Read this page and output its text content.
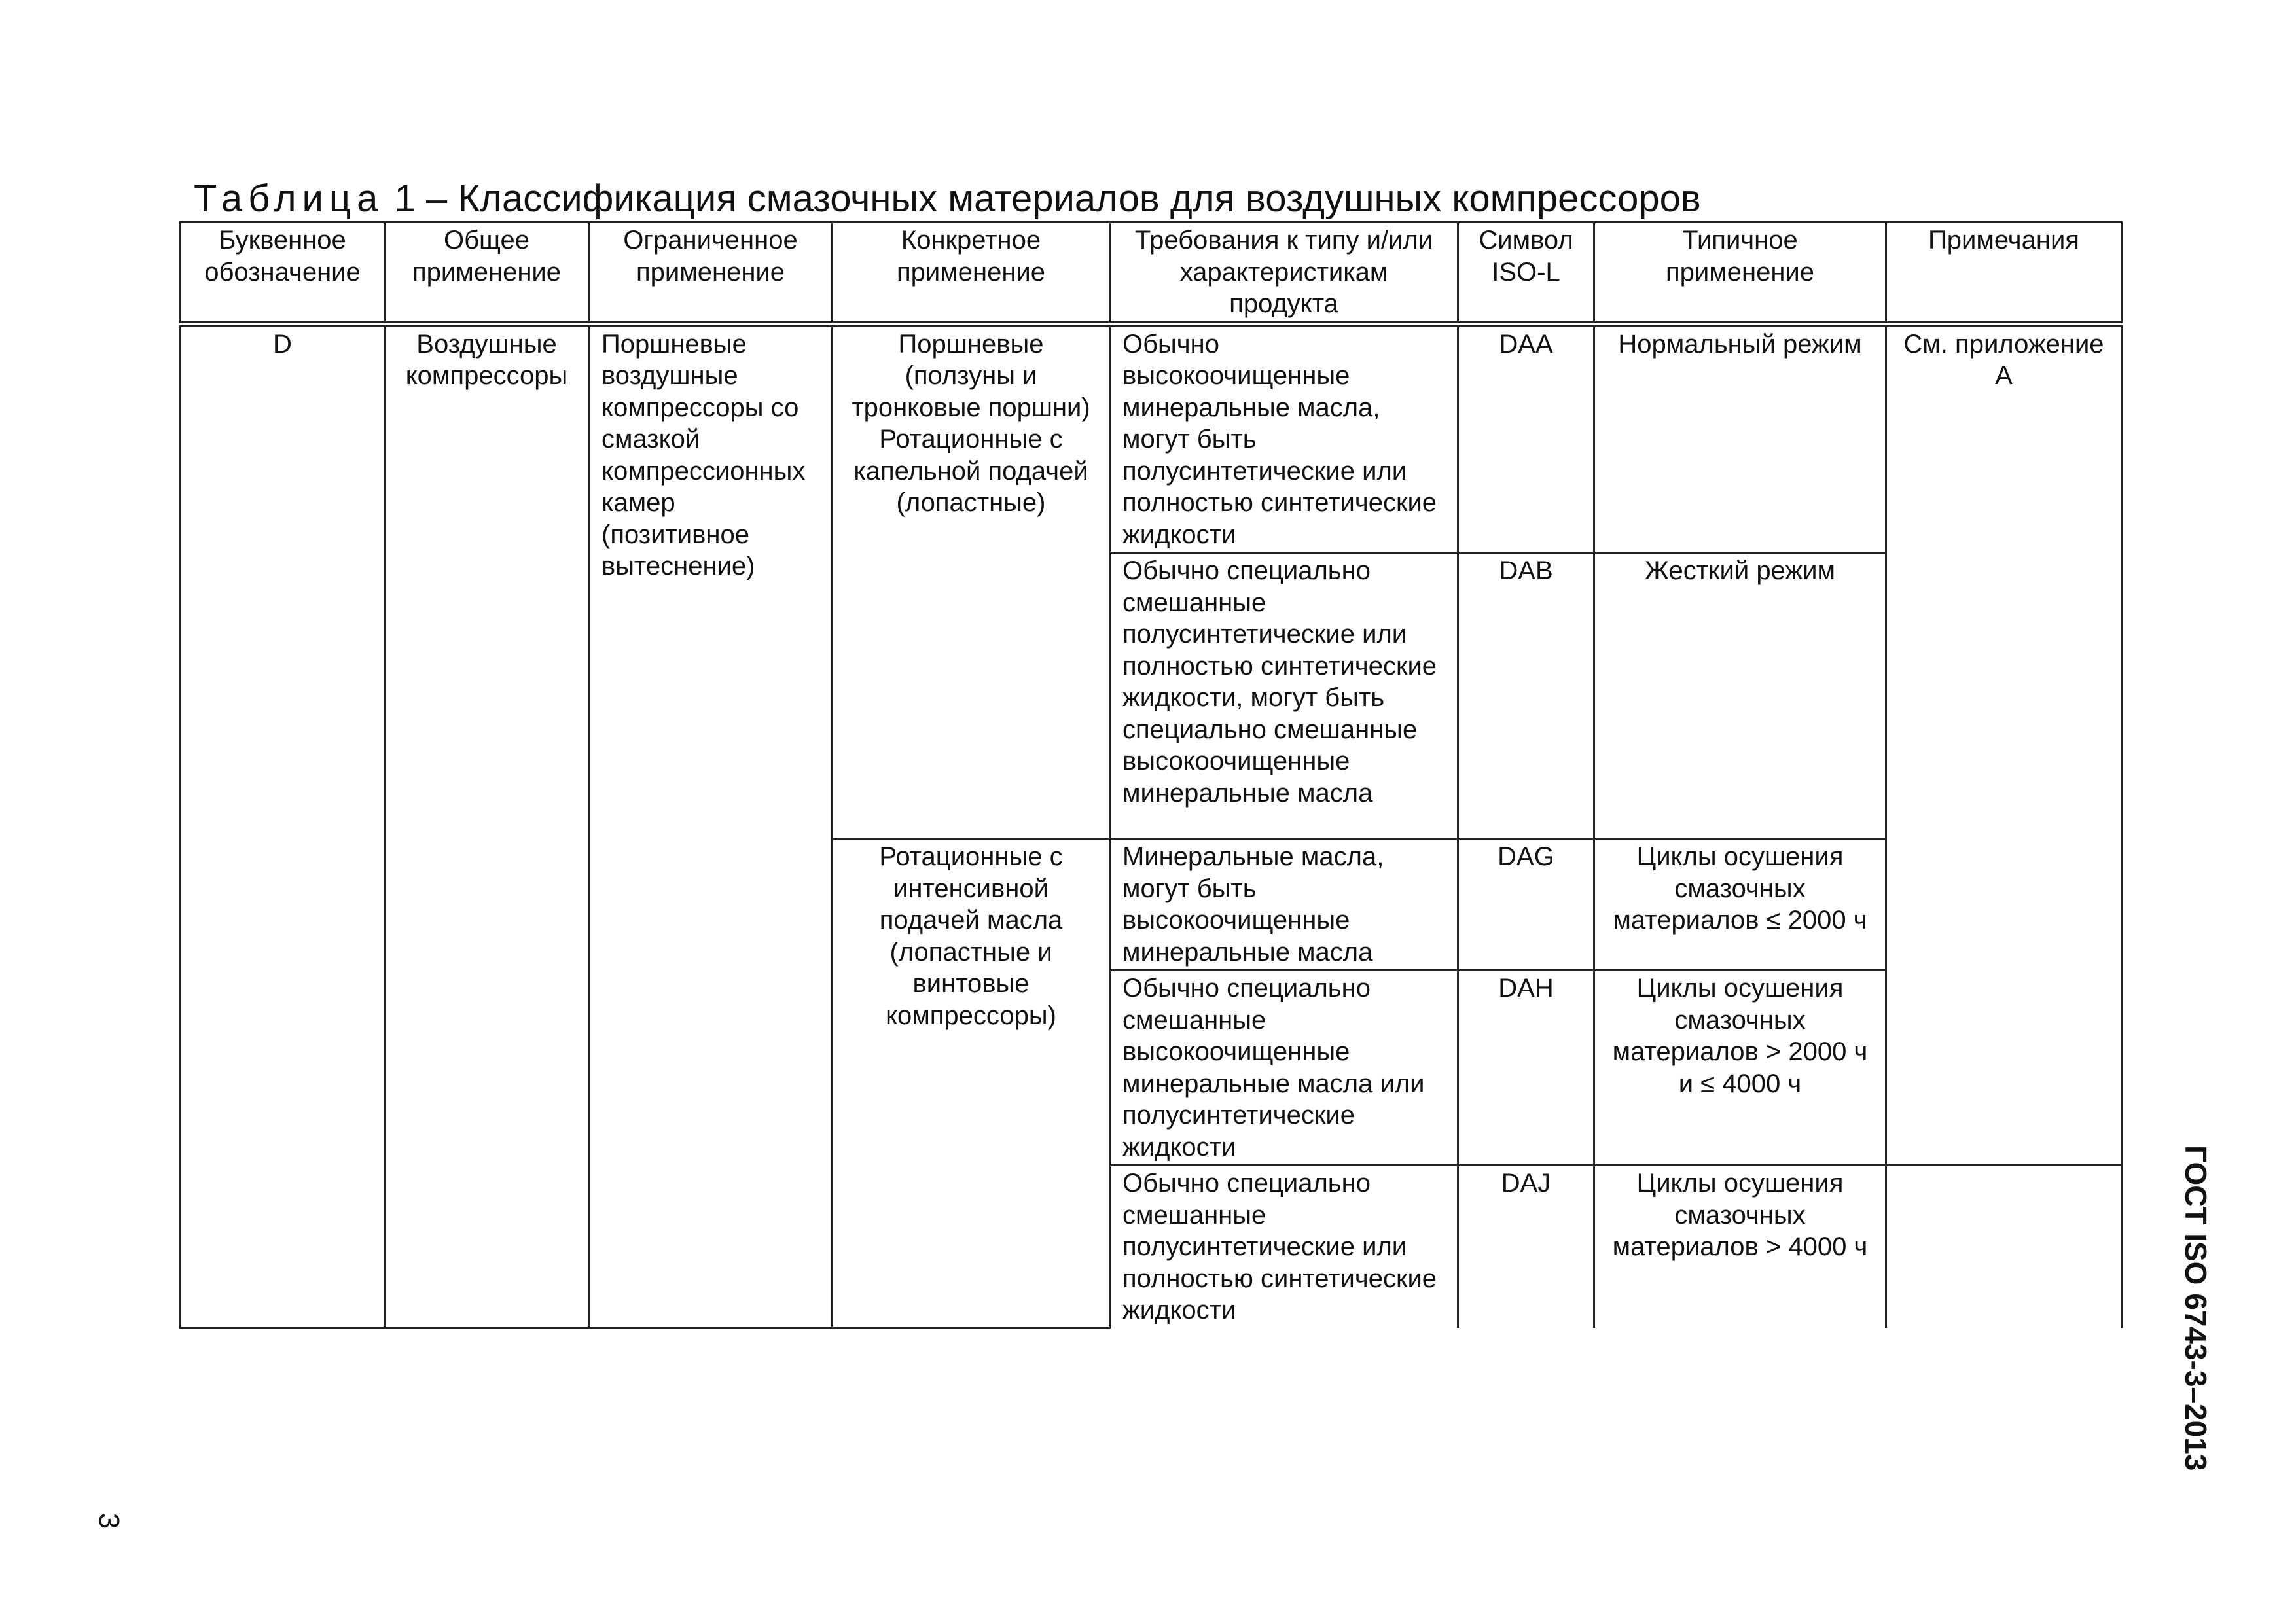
Таблица 1 – Классификация смазочных материалов для воздушных компрессоров
Буквенное обозначение	Общее применение	Ограниченное применение	Конкретное применение	Требования к типу и/или характеристикам продукта	Символ ISO-L	Типичное применение	Примечания
D	Воздушные компрессоры	Поршневые воздушные компрессоры со смазкой компрессионных камер (позитивное вытеснение)	Поршневые (ползуны и тронковые поршни) Ротационные с капельной подачей (лопастные)	Обычно высокоочищенные минеральные масла, могут быть полусинтетические или полностью синтетические жидкости	DAA	Нормальный режим	См. приложение А
				Обычно специально смешанные полусинтетические или полностью синтетические жидкости, могут быть специально смешанные высокоочищенные минеральные масла	DAB	Жесткий режим	
			Ротационные с интенсивной подачей масла (лопастные и винтовые компрессоры)	Минеральные масла, могут быть высокоочищенные минеральные масла	DAG	Циклы осушения смазочных материалов ≤ 2000 ч	
				Обычно специально смешанные высокоочищенные минеральные масла или полусинтетические жидкости	DAH	Циклы осушения смазочных материалов > 2000 ч и ≤ 4000 ч	
				Обычно специально смешанные полусинтетические или полностью синтетические жидкости	DAJ	Циклы осушения смазочных материалов > 4000 ч		ГОСТ ISO 6743-3–2013
3
